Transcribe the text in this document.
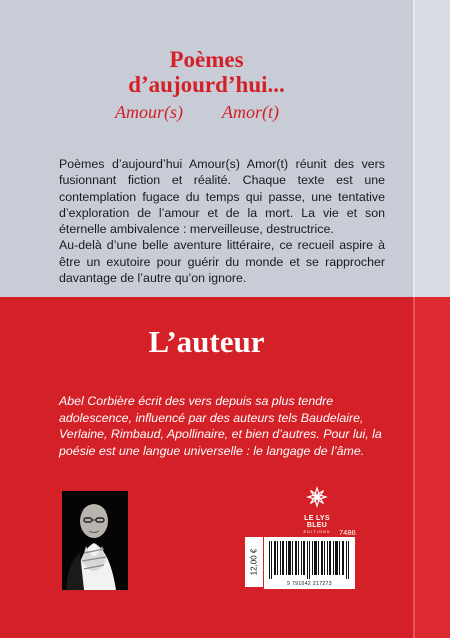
Poèmes
d’aujourd’hui...
Amour(s) Amor(t)

Poèmes d’aujourd’hui Amour(s) Amor(t) réunit des vers fusionnant fiction et réalité. Chaque texte est une contemplation fugace du temps qui passe, une tentative d’exploration de l’amour et de la mort. La vie et son éternelle ambivalence : merveilleuse, destructrice.

Au-delà d’une belle aventure littéraire, ce recueil aspire à être un exutoire pour guérir du monde et se rapprocher davantage de l’autre qu’on ignore.

L’auteur

Abel Corbière écrit des vers depuis sa plus tendre adolescence, influencé par des auteurs tels Baudelaire, Verlaine, Rimbaud, Apollinaire, et bien d’autres. Pour lui, la poésie est une langue universelle : le langage de l’âme.

LE LYS BLEU
ÉDITIONS	7486
12,00 €
9 791042 217273
